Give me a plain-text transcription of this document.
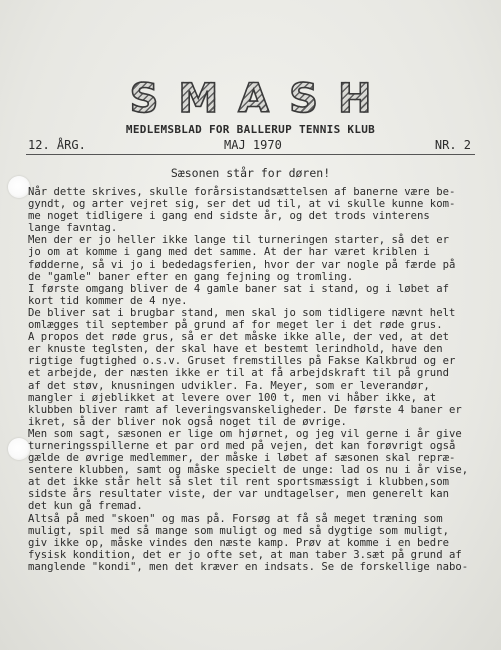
SMASH
MEDLEMSBLAD FOR BALLERUP TENNIS KLUB
12. ÅRG.	MAJ 1970	NR. 2
Sæsonen står for døren!
Når dette skrives, skulle forårsistandsættelsen af banerne være be-
gyndt, og arter vejret sig, ser det ud til, at vi skulle kunne kom-
me noget tidligere i gang end sidste år, og det trods vinterens
lange favntag.
Men der er jo heller ikke lange til turneringen starter, så det er
jo om at komme i gang med det samme. At der har været kriblen i
fødderne, så vi jo i bededagsferien, hvor der var nogle på færde på
de "gamle" baner efter en gang fejning og tromling.
I første omgang bliver de 4 gamle baner sat i stand, og i løbet af
kort tid kommer de 4 nye.
De bliver sat i brugbar stand, men skal jo som tidligere nævnt helt
omlægges til september på grund af for meget ler i det røde grus.
A propos det røde grus, så er det måske ikke alle, der ved, at det
er knuste teglsten, der skal have et bestemt lerindhold, have den
rigtige fugtighed o.s.v. Gruset fremstilles på Fakse Kalkbrud og er
et arbejde, der næsten ikke er til at få arbejdskraft til på grund
af det støv, knusningen udvikler. Fa. Meyer, som er leverandør,
mangler i øjeblikket at levere over 100 t, men vi håber ikke, at
klubben bliver ramt af leveringsvanskeligheder. De første 4 baner er
ikret, så der bliver nok også noget til de øvrige.
Men som sagt, sæsonen er lige om hjørnet, og jeg vil gerne i år give
turneringsspillerne et par ord med på vejen, det kan forøvrigt også
gælde de øvrige medlemmer, der måske i løbet af sæsonen skal repræ-
sentere klubben, samt og måske specielt de unge: lad os nu i år vise,
at det ikke står helt så slet til rent sportsmæssigt i klubben,som
sidste års resultater viste, der var undtagelser, men generelt kan
det kun gå fremad.
Altså på med "skoen" og mas på. Forsøg at få så meget træning som
muligt, spil med så mange som muligt og med så dygtige som muligt,
giv ikke op, måske vindes den næste kamp. Prøv at komme i en bedre
fysisk kondition, det er jo ofte set, at man taber 3.sæt på grund af
manglende "kondi", men det kræver en indsats. Se de forskellige nabo-
